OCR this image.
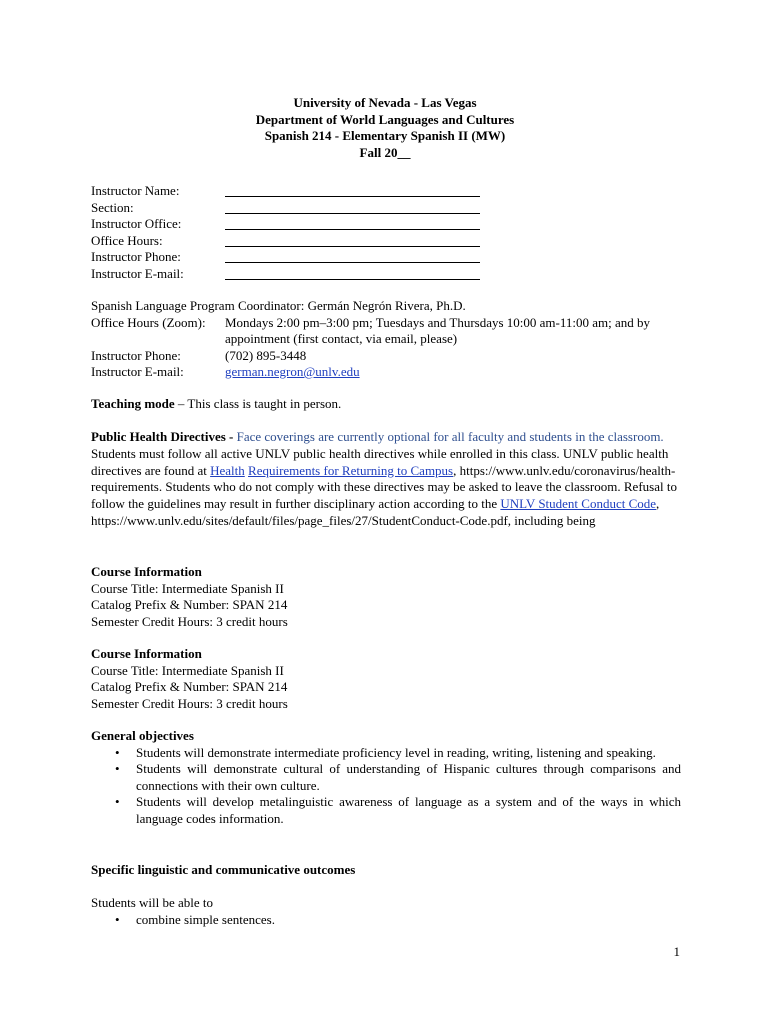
University of Nevada - Las Vegas
Department of World Languages and Cultures
Spanish 214 - Elementary Spanish II (MW)
Fall 20__
Instructor Name:
Section:
Instructor Office:
Office Hours:
Instructor Phone:
Instructor E-mail:
Spanish Language Program Coordinator: Germán Negrón Rivera, Ph.D.
Office Hours (Zoom):	Mondays 2:00 pm–3:00 pm; Tuesdays and Thursdays 10:00 am-11:00 am; and by
appointment (first contact, via email, please)
Instructor Phone:	(702) 895-3448
Instructor E-mail:	german.negron@unlv.edu
Teaching mode – This class is taught in person.
Public Health Directives - Face coverings are currently optional for all faculty and students in the classroom. Students must follow all active UNLV public health directives while enrolled in this class. UNLV public health directives are found at Health Requirements for Returning to Campus, https://www.unlv.edu/coronavirus/health-requirements. Students who do not comply with these directives may be asked to leave the classroom. Refusal to follow the guidelines may result in further disciplinary action according to the UNLV Student Conduct Code, https://www.unlv.edu/sites/default/files/page_files/27/StudentConduct-Code.pdf, including being
Course Information
Course Title: Intermediate Spanish II
Catalog Prefix & Number: SPAN 214
Semester Credit Hours: 3 credit hours
Course Information
Course Title: Intermediate Spanish II
Catalog Prefix & Number: SPAN 214
Semester Credit Hours: 3 credit hours
General objectives
• Students will demonstrate intermediate proficiency level in reading, writing, listening and speaking.
• Students will demonstrate cultural of understanding of Hispanic cultures through comparisons and connections with their own culture.
• Students will develop metalinguistic awareness of language as a system and of the ways in which language codes information.
Specific linguistic and communicative outcomes
Students will be able to
• combine simple sentences.
1
